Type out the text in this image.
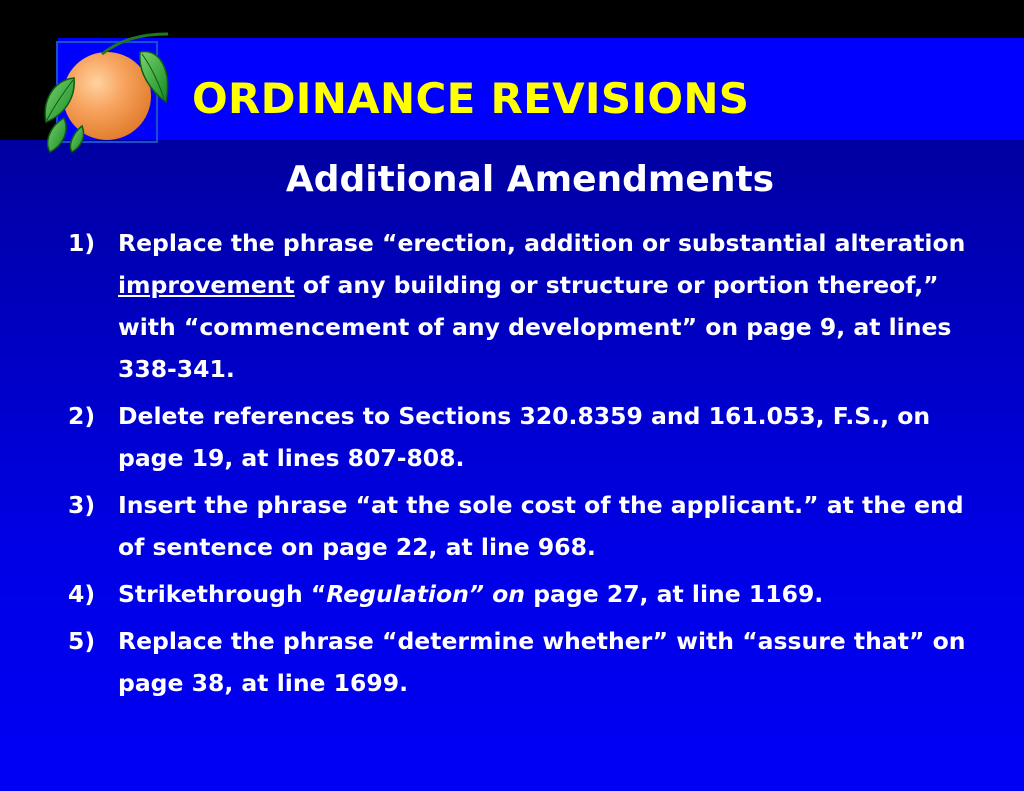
ORDINANCE REVISIONS
Additional Amendments
1) Replace the phrase “erection, addition or substantial alteration improvement of any building or structure or portion thereof,” with “commencement of any development” on page 9, at lines 338-341.
2) Delete references to Sections 320.8359 and 161.053, F.S., on page 19, at lines 807-808.
3) Insert the phrase “at the sole cost of the applicant.” at the end of sentence on page 22, at line 968.
4) Strikethrough “Regulation” on page 27, at line 1169.
5) Replace the phrase “determine whether” with “assure that” on page 38, at line 1699.
